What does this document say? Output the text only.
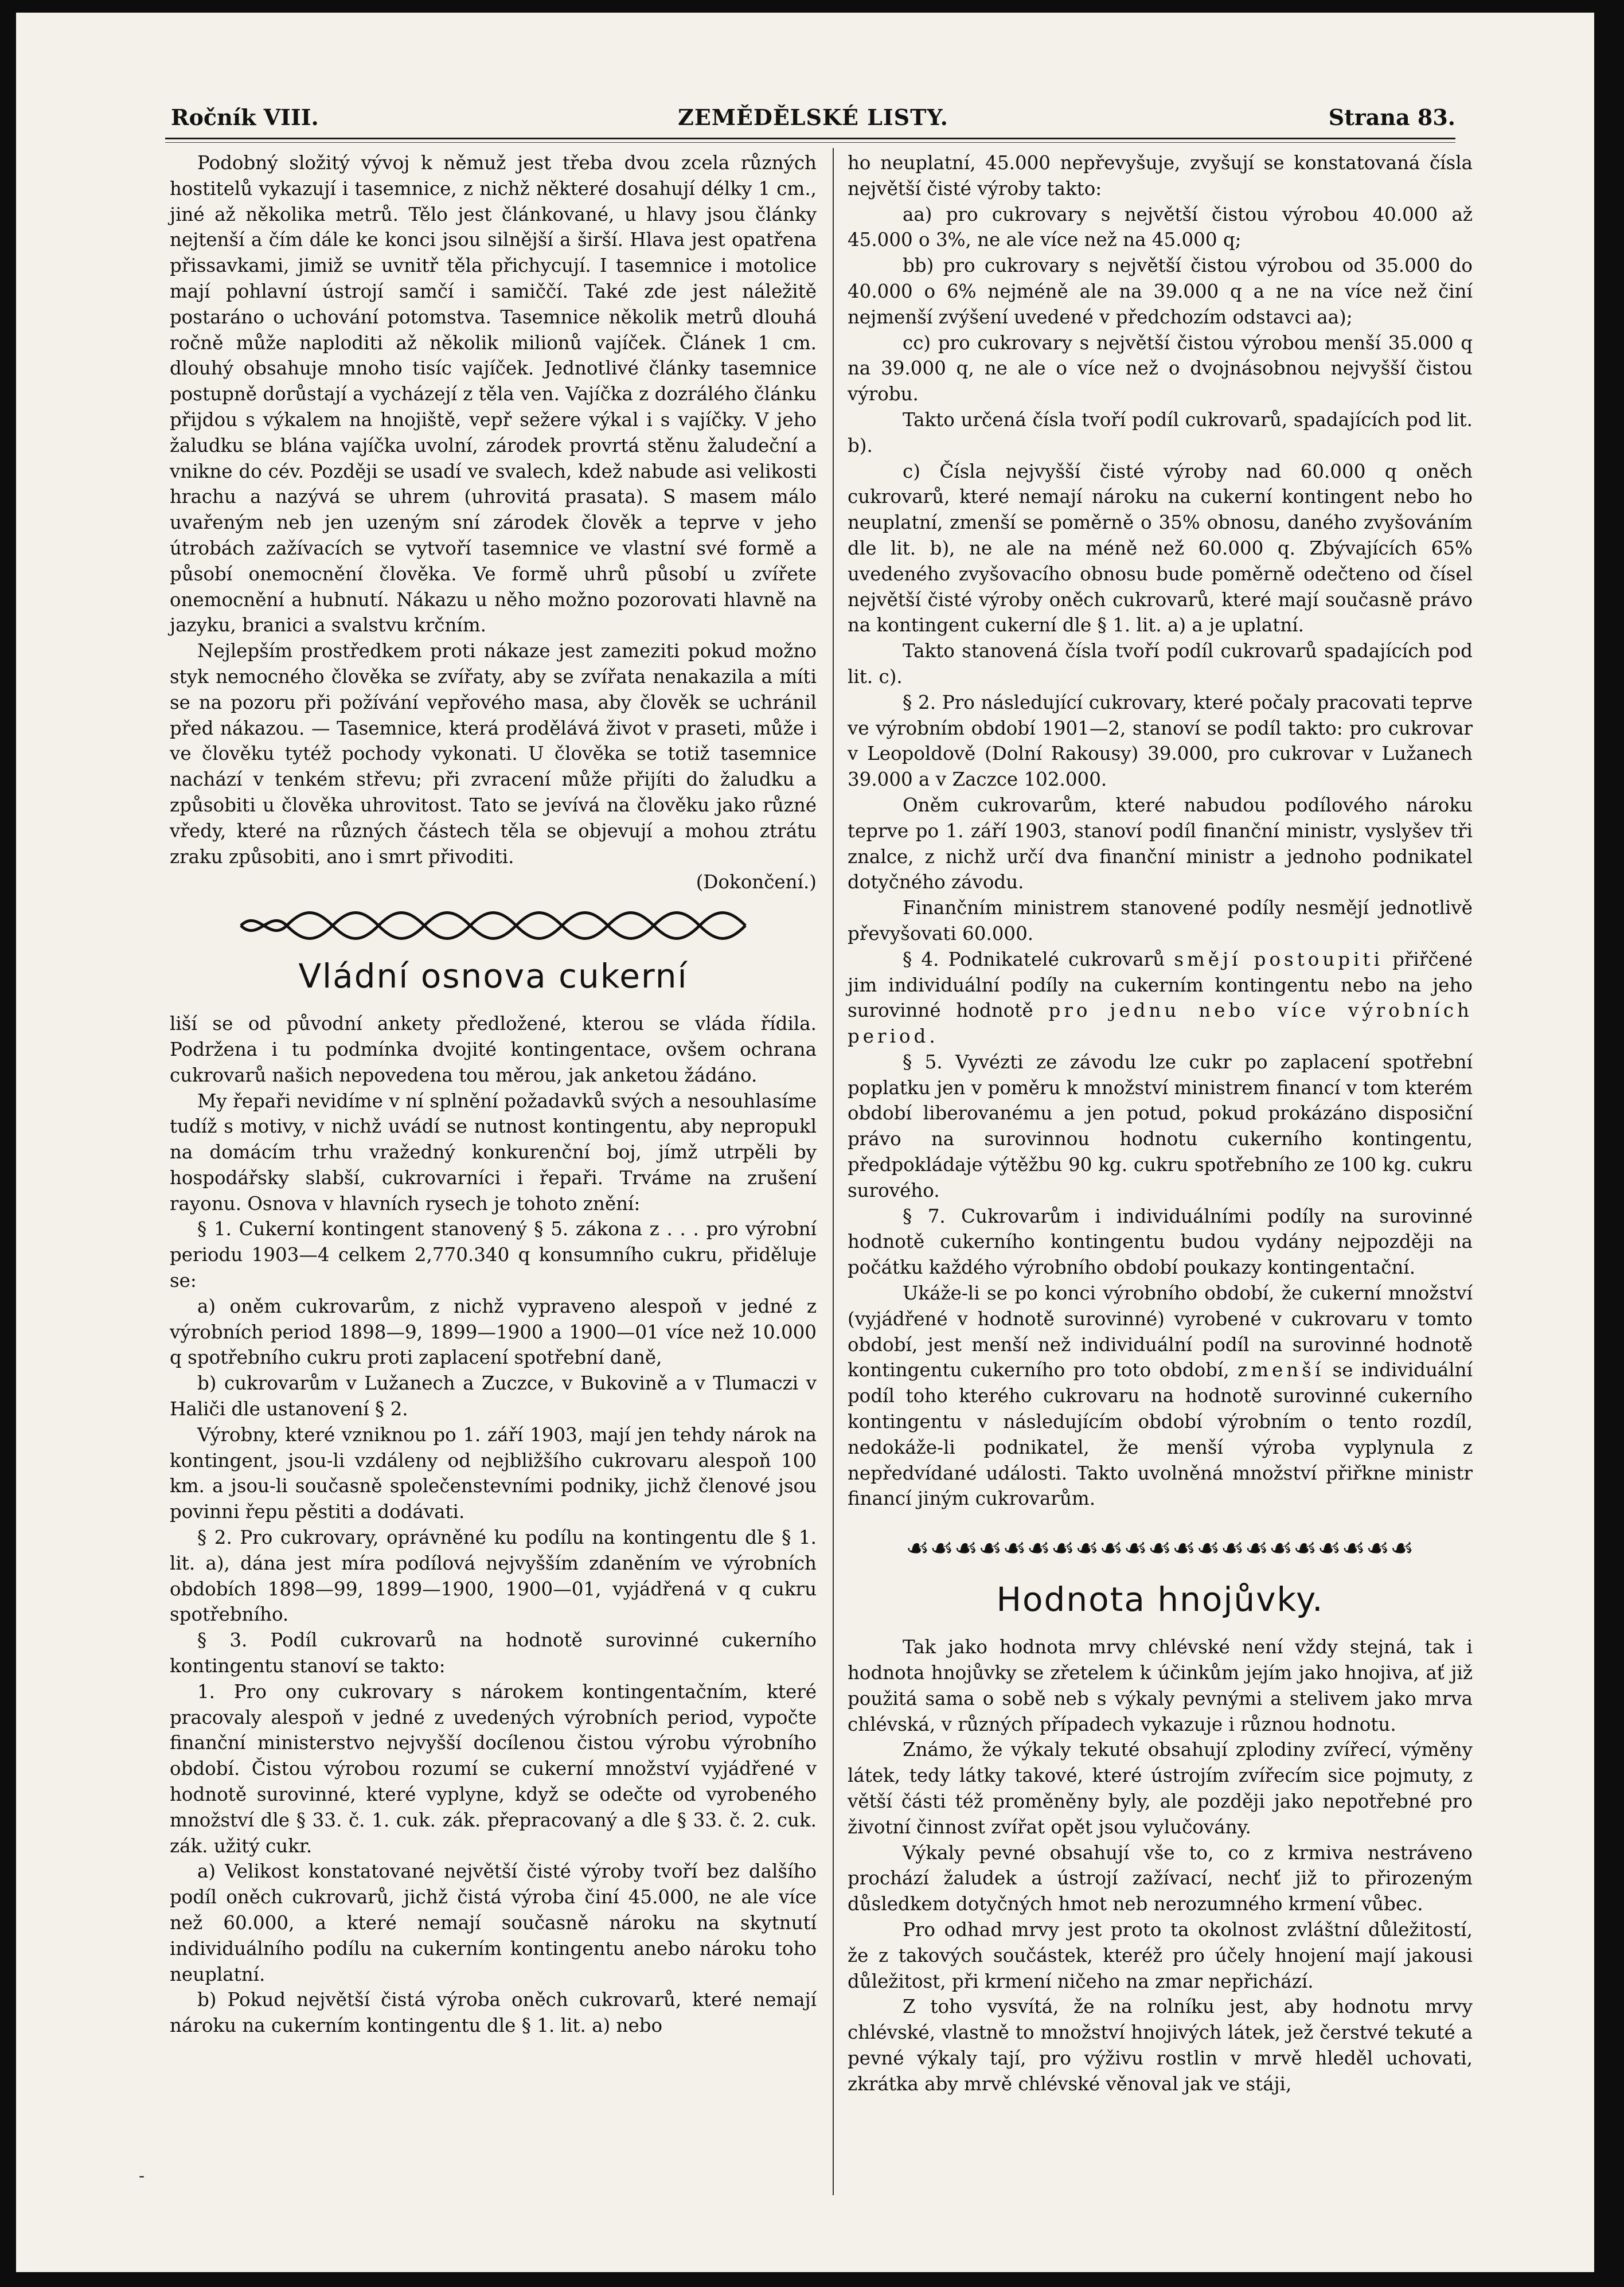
ZEMĚDĚLSKÉ LISTY.
Ročník VIII.	Strana 83.

Podobný složitý vývoj k němuž jest třeba dvou zcela různých hostitelů vykazují i tasemnice, z nichž některé dosahují délky 1 cm., jiné až několika metrů. Tělo jest článkované, u hlavy jsou články nejtenší a čím dále ke konci jsou silnější a širší. Hlava jest opatřena přissavkami, jimiž se uvnitř těla přichycují. I tasemnice i motolice mají pohlavní ústrojí samčí i samiččí. Také zde jest náležitě postaráno o uchování potomstva. Tasemnice několik metrů dlouhá ročně může naploditi až několik milionů vajíček. Článek 1 cm. dlouhý obsahuje mnoho tisíc vajíček. Jednotlivé články tasemnice postupně dorůstají a vycházejí z těla ven. Vajíčka z dozrálého článku přijdou s výkalem na hnojiště, vepř sežere výkal i s vajíčky. V jeho žaludku se blána vajíčka uvolní, zárodek provrtá stěnu žaludeční a vnikne do cév. Později se usadí ve svalech, kdež nabude asi velikosti hrachu a nazývá se uhrem (uhrovitá prasata). S masem málo uvařeným neb jen uzeným sní zárodek člověk a teprve v jeho útrobách zažívacích se vytvoří tasemnice ve vlastní své formě a působí onemocnění člověka. Ve formě uhrů působí u zvířete onemocnění a hubnutí. Nákazu u něho možno pozorovati hlavně na jazyku, branici a svalstvu krčním.

Nejlepším prostředkem proti nákaze jest zameziti pokud možno styk nemocného člověka se zvířaty, aby se zvířata nenakazila a míti se na pozoru při požívání vepřového masa, aby člověk se uchránil před nákazou. — Tasemnice, která prodělává život v praseti, může i ve člověku tytéž pochody vykonati. U člověka se totiž tasemnice nachází v tenkém střevu; při zvracení může přijíti do žaludku a způsobiti u člověka uhrovitost. Tato se jevívá na člověku jako různé vředy, které na různých částech těla se objevují a mohou ztrátu zraku způsobiti, ano i smrt přivoditi.

(Dokončení.)

Vládní osnova cukerní

liší se od původní ankety předložené, kterou se vláda řídila. Podržena i tu podmínka dvojité kontingentace, ovšem ochrana cukrovarů našich nepovedena tou měrou, jak anketou žádáno.

My řepaři nevidíme v ní splnění požadavků svých a nesouhlasíme tudíž s motivy, v nichž uvádí se nutnost kontingentu, aby nepropukl na domácím trhu vražedný konkurenční boj, jímž utrpěli by hospodářsky slabší, cukrovarníci i řepaři. Trváme na zrušení rayonu. Osnova v hlavních rysech je tohoto znění:

§ 1. Cukerní kontingent stanovený § 5. zákona z . . . pro výrobní periodu 1903—4 celkem 2,770.340 q konsumního cukru, přiděluje se:

a) oněm cukrovarům, z nichž vypraveno alespoň v jedné z výrobních period 1898—9, 1899—1900 a 1900—01 více než 10.000 q spotřebního cukru proti zaplacení spotřební daně,

b) cukrovarům v Lužanech a Zuczce, v Bukovině a v Tlumaczi v Haliči dle ustanovení § 2.

Výrobny, které vzniknou po 1. září 1903, mají jen tehdy nárok na kontingent, jsou-li vzdáleny od nejbližšího cukrovaru alespoň 100 km. a jsou-li současně společenstevními podniky, jichž členové jsou povinni řepu pěstiti a dodávati.

§ 2. Pro cukrovary, oprávněné ku podílu na kontingentu dle § 1. lit. a), dána jest míra podílová nejvyšším zdaněním ve výrobních obdobích 1898—99, 1899—1900, 1900—01, vyjádřená v q cukru spotřebního.

§ 3. Podíl cukrovarů na hodnotě surovinné cukerního kontingentu stanoví se takto:

1. Pro ony cukrovary s nárokem kontingentačním, které pracovaly alespoň v jedné z uvedených výrobních period, vypočte finanční ministerstvo nejvyšší docílenou čistou výrobu výrobního období. Čistou výrobou rozumí se cukerní množství vyjádřené v hodnotě surovinné, které vyplyne, když se odečte od vyrobeného množství dle § 33. č. 1. cuk. zák. přepracovaný a dle § 33. č. 2. cuk. zák. užitý cukr.

a) Velikost konstatované největší čisté výroby tvoří bez dalšího podíl oněch cukrovarů, jichž čistá výroba činí 45.000, ne ale více než 60.000, a které nemají současně nároku na skytnutí individuálního podílu na cukerním kontingentu anebo nároku toho neuplatní.

b) Pokud největší čistá výroba oněch cukrovarů, které nemají nároku na cukerním kontingentu dle § 1. lit. a) nebo

ho neuplatní, 45.000 nepřevyšuje, zvyšují se konstatovaná čísla největší čisté výroby takto:

aa) pro cukrovary s největší čistou výrobou 40.000 až 45.000 o 3%, ne ale více než na 45.000 q;

bb) pro cukrovary s největší čistou výrobou od 35.000 do 40.000 o 6% nejméně ale na 39.000 q a ne na více než činí nejmenší zvýšení uvedené v předchozím odstavci aa);

cc) pro cukrovary s největší čistou výrobou menší 35.000 q na 39.000 q, ne ale o více než o dvojnásobnou nejvyšší čistou výrobu.

Takto určená čísla tvoří podíl cukrovarů, spadajících pod lit. b).

c) Čísla nejvyšší čisté výroby nad 60.000 q oněch cukrovarů, které nemají nároku na cukerní kontingent nebo ho neuplatní, zmenší se poměrně o 35% obnosu, daného zvyšováním dle lit. b), ne ale na méně než 60.000 q. Zbývajících 65% uvedeného zvyšovacího obnosu bude poměrně odečteno od čísel největší čisté výroby oněch cukrovarů, které mají současně právo na kontingent cukerní dle § 1. lit. a) a je uplatní.

Takto stanovená čísla tvoří podíl cukrovarů spadajících pod lit. c).

§ 2. Pro následující cukrovary, které počaly pracovati teprve ve výrobním období 1901—2, stanoví se podíl takto: pro cukrovar v Leopoldově (Dolní Rakousy) 39.000, pro cukrovar v Lužanech 39.000 a v Zaczce 102.000.

Oněm cukrovarům, které nabudou podílového nároku teprve po 1. září 1903, stanoví podíl finanční ministr, vyslyšev tři znalce, z nichž určí dva finanční ministr a jednoho podnikatel dotyčného závodu.

Finančním ministrem stanovené podíly nesmějí jednotlivě převyšovati 60.000.

§ 4. Podnikatelé cukrovarů smějí postoupiti přiřčené jim individuální podíly na cukerním kontingentu nebo na jeho surovinné hodnotě pro jednu nebo více výrobních period.

§ 5. Vyvézti ze závodu lze cukr po zaplacení spotřební poplatku jen v poměru k množství ministrem financí v tom kterém období liberovanému a jen potud, pokud prokázáno disposiční právo na surovinnou hodnotu cukerního kontingentu, předpokládaje výtěžbu 90 kg. cukru spotřebního ze 100 kg. cukru surového.

§ 7. Cukrovarům i individuálními podíly na surovinné hodnotě cukerního kontingentu budou vydány nejpozději na počátku každého výrobního období poukazy kontingentační.

Ukáže-li se po konci výrobního období, že cukerní množství (vyjádřené v hodnotě surovinné) vyrobené v cukrovaru v tomto období, jest menší než individuální podíl na surovinné hodnotě kontingentu cukerního pro toto období, zmenší se individuální podíl toho kterého cukrovaru na hodnotě surovinné cukerního kontingentu v následujícím období výrobním o tento rozdíl, nedokáže-li podnikatel, že menší výroba vyplynula z nepředvídané události. Takto uvolněná množství přiřkne ministr financí jiným cukrovarům.

☙☙☙☙☙☙☙☙☙☙☙☙☙☙☙☙☙☙☙☙☙
Hodnota hnojůvky.

Tak jako hodnota mrvy chlévské není vždy stejná, tak i hodnota hnojůvky se zřetelem k účinkům jejím jako hnojiva, ať již použitá sama o sobě neb s výkaly pevnými a stelivem jako mrva chlévská, v různých případech vykazuje i různou hodnotu.

Známo, že výkaly tekuté obsahují zplodiny zvířecí, výměny látek, tedy látky takové, které ústrojím zvířecím sice pojmuty, z větší části též proměněny byly, ale později jako nepotřebné pro životní činnost zvířat opět jsou vylučovány.

Výkaly pevné obsahují vše to, co z krmiva nestráveno prochází žaludek a ústrojí zažívací, nechť již to přirozeným důsledkem dotyčných hmot neb nerozumného krmení vůbec.

Pro odhad mrvy jest proto ta okolnost zvláštní důležitostí, že z takových součástek, kteréž pro účely hnojení mají jakousi důležitost, při krmení ničeho na zmar nepřichází.

Z toho vysvítá, že na rolníku jest, aby hodnotu mrvy chlévské, vlastně to množství hnojivých látek, jež čerstvé tekuté a pevné výkaly tají, pro výživu rostlin v mrvě hleděl uchovati, zkrátka aby mrvě chlévské věnoval jak ve stáji,

-
